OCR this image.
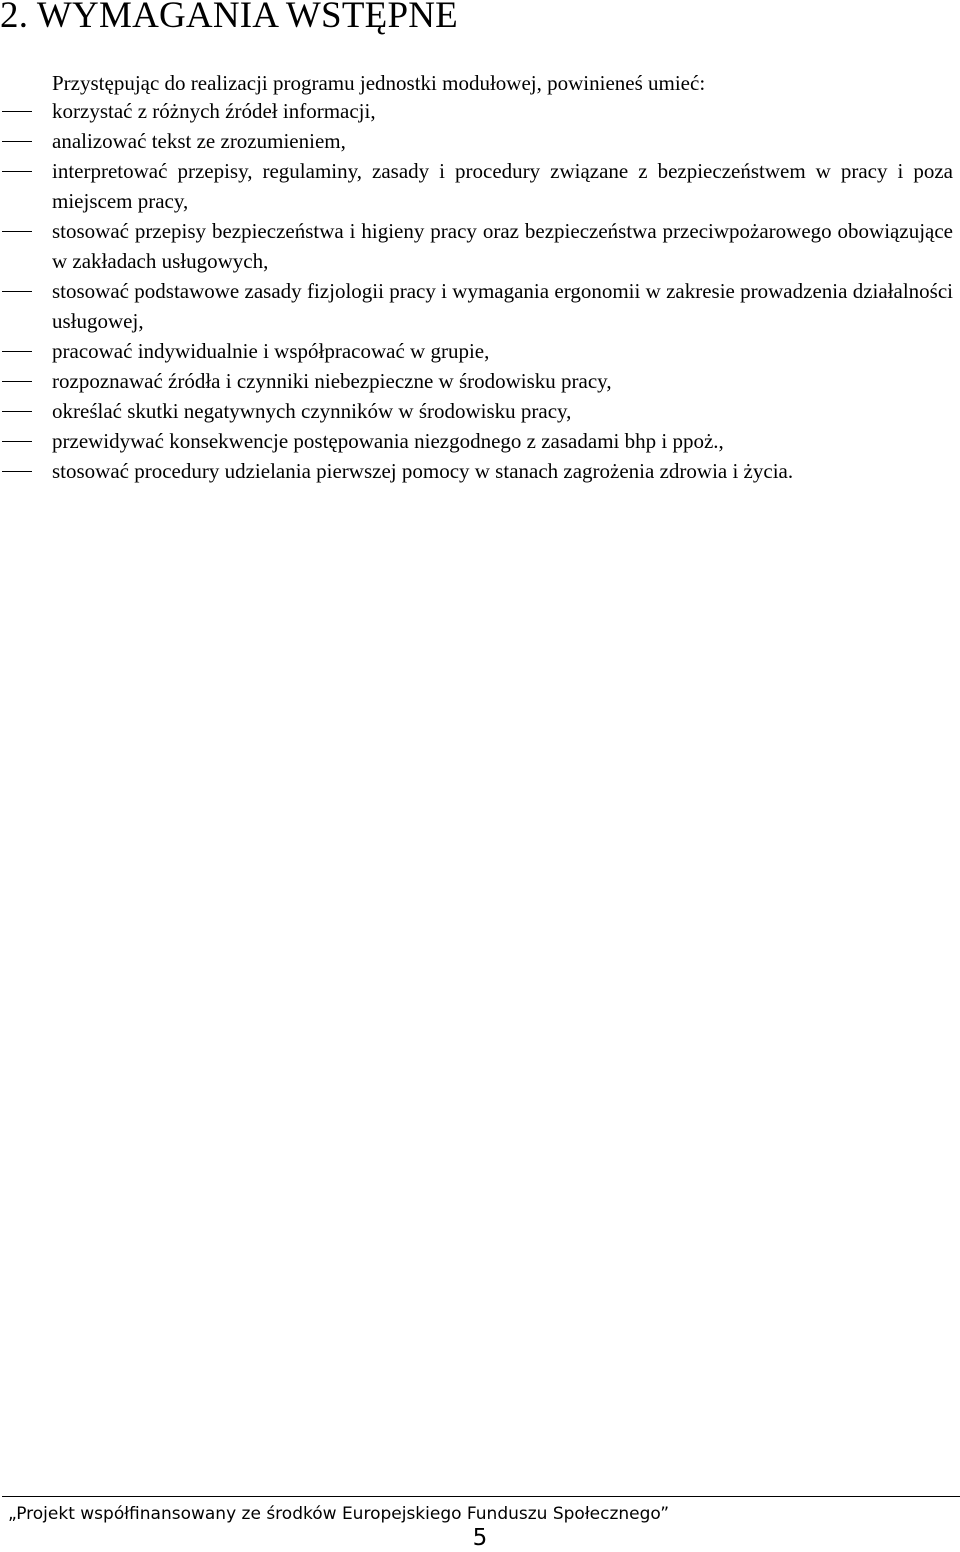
2. WYMAGANIA WSTĘPNE

Przystępując do realizacji programu jednostki modułowej, powinieneś umieć:

korzystać z różnych źródeł informacji,
analizować tekst ze zrozumieniem,
interpretować przepisy, regulaminy, zasady i procedury związane z bezpieczeństwem w pracy i poza miejscem pracy,
stosować przepisy bezpieczeństwa i higieny pracy oraz bezpieczeństwa przeciwpożarowego obowiązujące w zakładach usługowych,
stosować podstawowe zasady fizjologii pracy i wymagania ergonomii w zakresie prowadzenia działalności usługowej,
pracować indywidualnie i współpracować w grupie,
rozpoznawać źródła i czynniki niebezpieczne w środowisku pracy,
określać skutki negatywnych czynników w środowisku pracy,
przewidywać konsekwencje postępowania niezgodnego z zasadami bhp i ppoż.,
stosować procedury udzielania pierwszej pomocy w stanach zagrożenia zdrowia i życia.
„Projekt współfinansowany ze środków Europejskiego Funduszu Społecznego”
5
